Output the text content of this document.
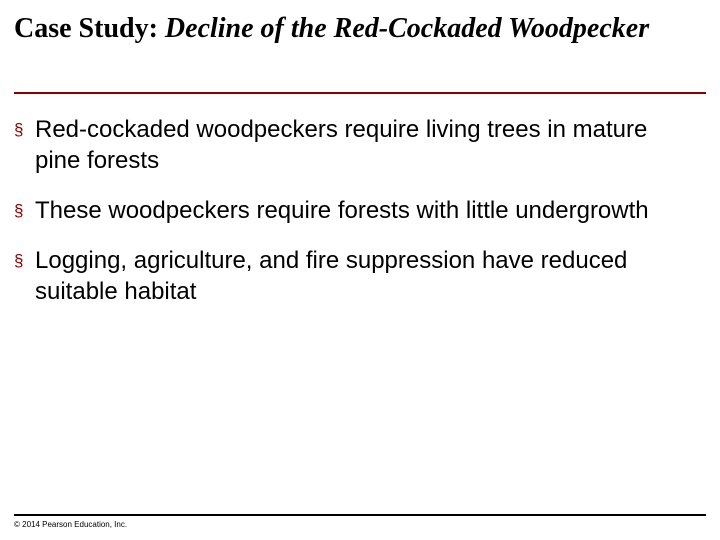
Case Study: Decline of the Red-Cockaded Woodpecker
§ Red-cockaded woodpeckers require living trees in mature pine forests
§ These woodpeckers require forests with little undergrowth
§ Logging, agriculture, and fire suppression have reduced suitable habitat
© 2014 Pearson Education, Inc.
